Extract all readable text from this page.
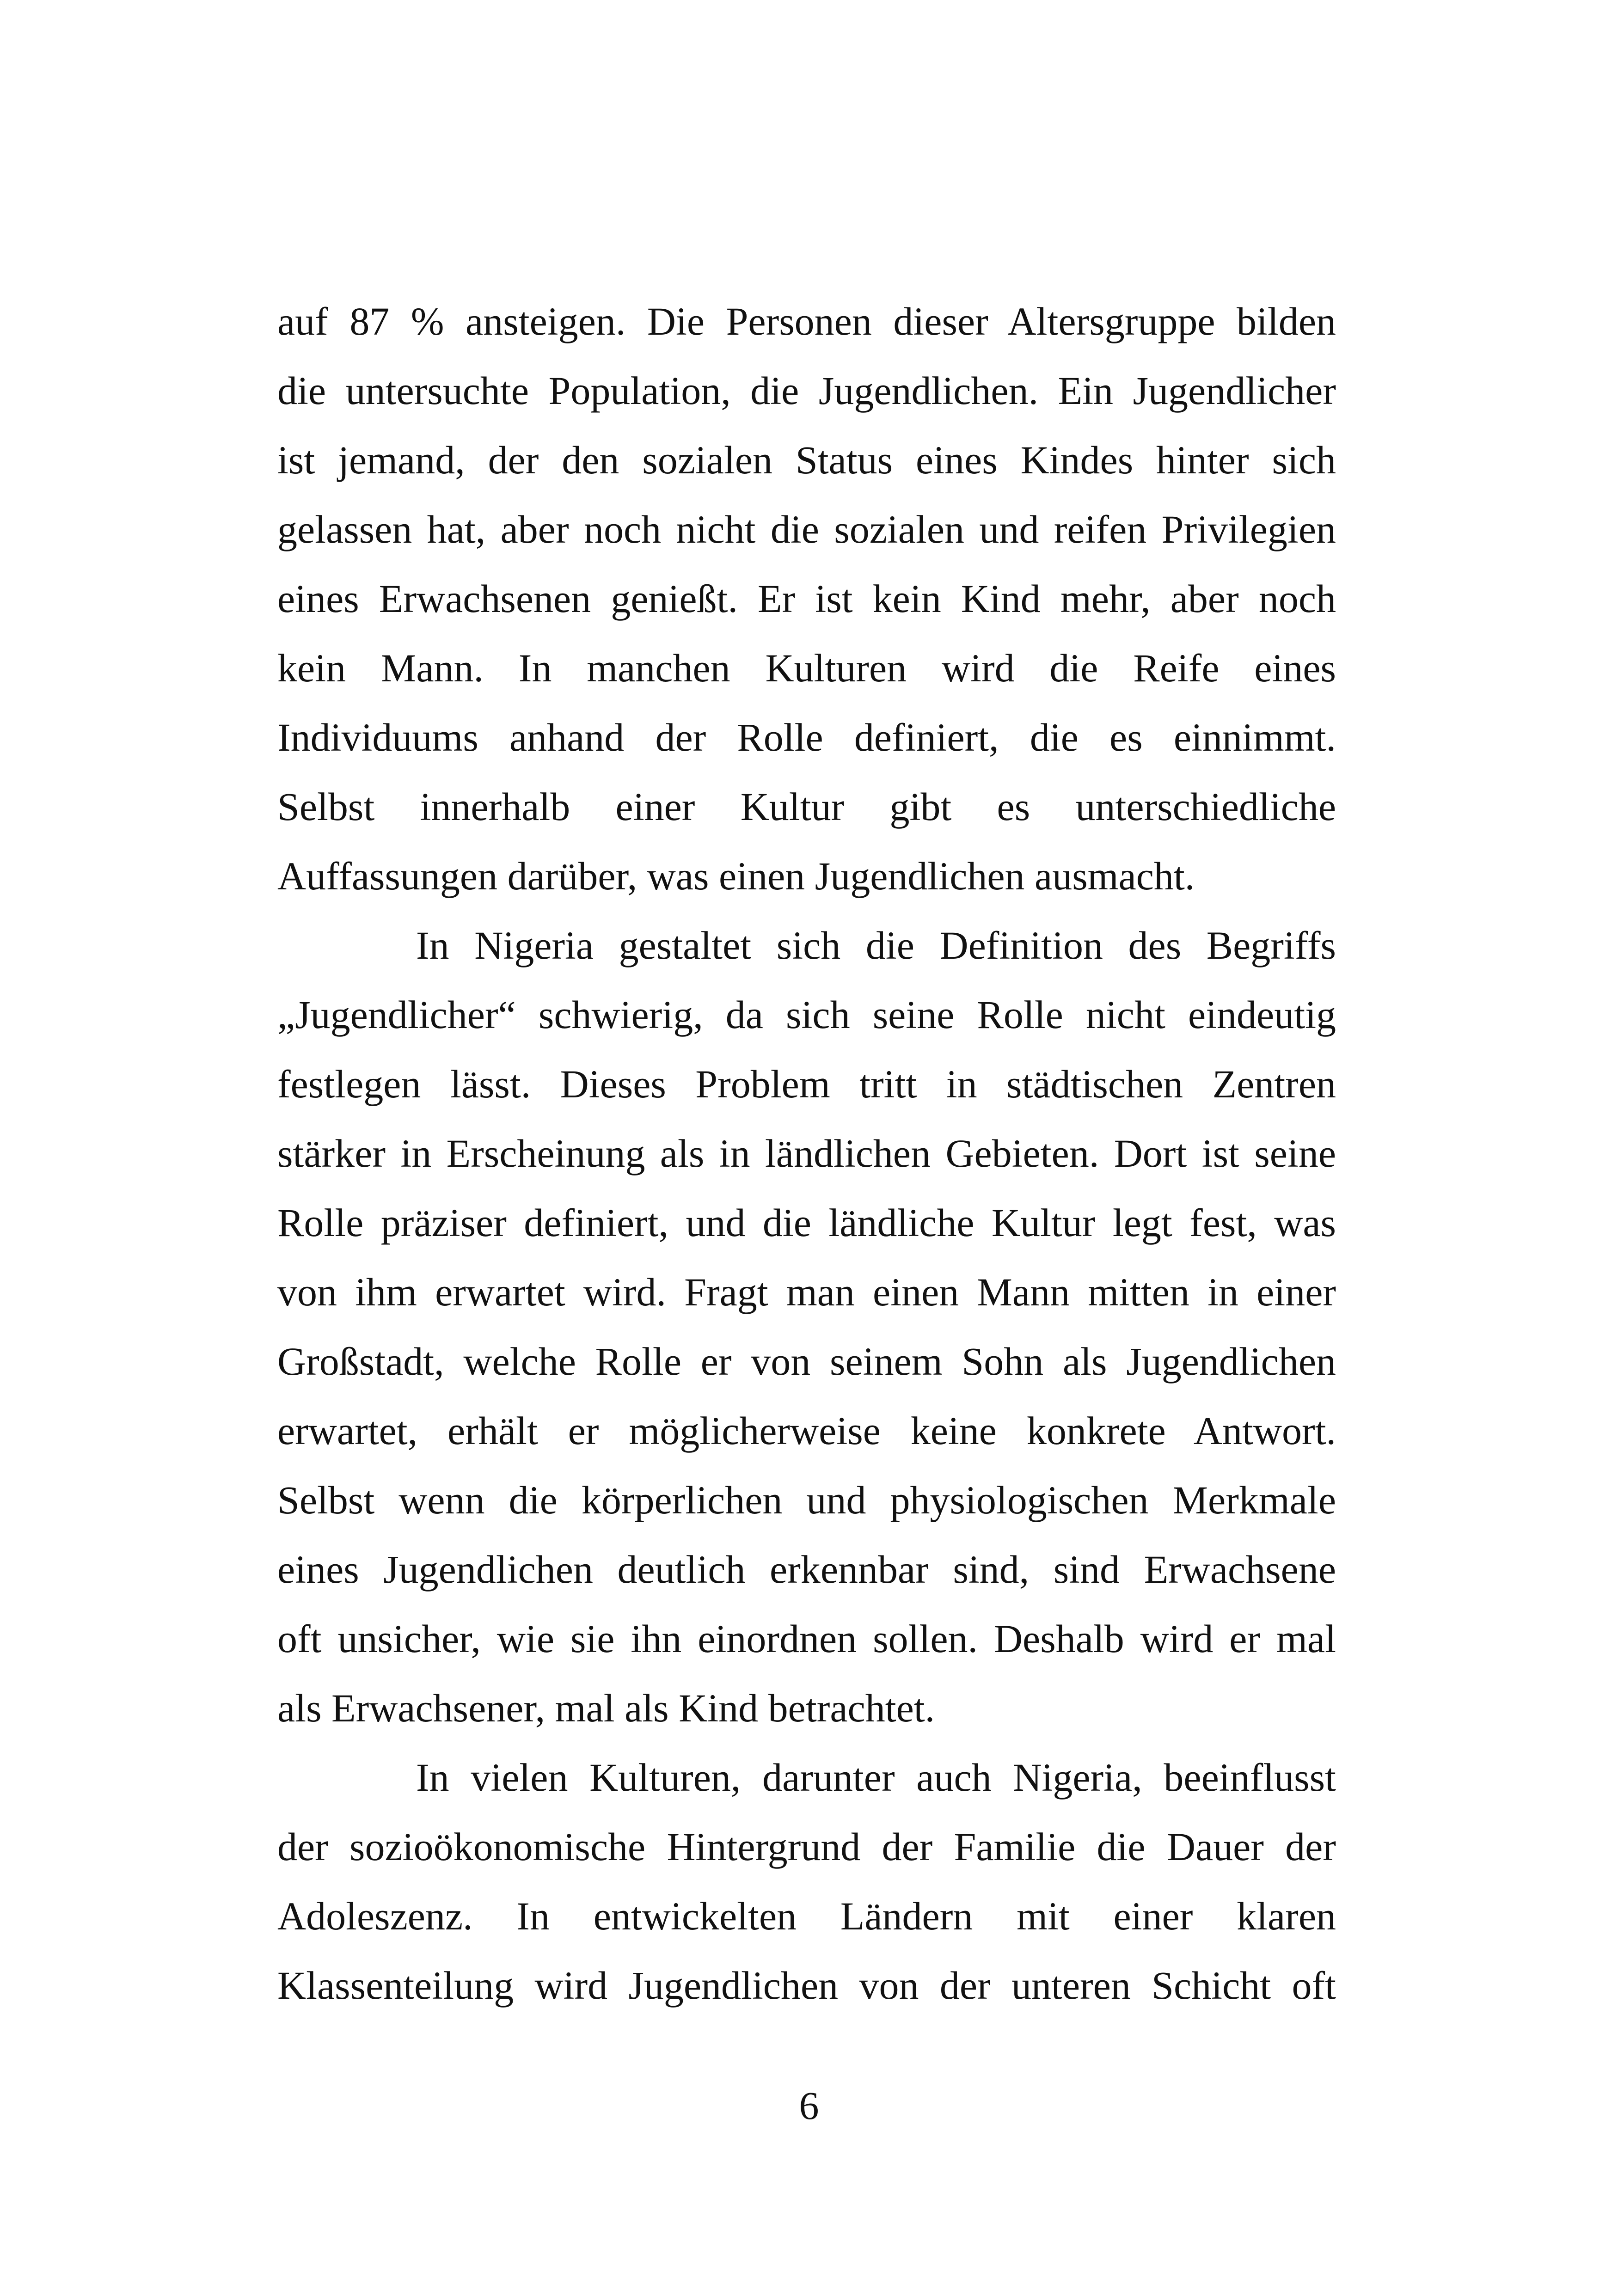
auf 87 % ansteigen. Die Personen dieser Altersgruppe bilden
die untersuchte Population, die Jugendlichen. Ein Jugendlicher
ist jemand, der den sozialen Status eines Kindes hinter sich
gelassen hat, aber noch nicht die sozialen und reifen Privilegien
eines Erwachsenen genießt. Er ist kein Kind mehr, aber noch
kein Mann. In manchen Kulturen wird die Reife eines
Individuums anhand der Rolle definiert, die es einnimmt.
Selbst innerhalb einer Kultur gibt es unterschiedliche
Auffassungen darüber, was einen Jugendlichen ausmacht.
In Nigeria gestaltet sich die Definition des Begriffs
„Jugendlicher“ schwierig, da sich seine Rolle nicht eindeutig
festlegen lässt. Dieses Problem tritt in städtischen Zentren
stärker in Erscheinung als in ländlichen Gebieten. Dort ist seine
Rolle präziser definiert, und die ländliche Kultur legt fest, was
von ihm erwartet wird. Fragt man einen Mann mitten in einer
Großstadt, welche Rolle er von seinem Sohn als Jugendlichen
erwartet, erhält er möglicherweise keine konkrete Antwort.
Selbst wenn die körperlichen und physiologischen Merkmale
eines Jugendlichen deutlich erkennbar sind, sind Erwachsene
oft unsicher, wie sie ihn einordnen sollen. Deshalb wird er mal
als Erwachsener, mal als Kind betrachtet.
In vielen Kulturen, darunter auch Nigeria, beeinflusst
der sozioökonomische Hintergrund der Familie die Dauer der
Adoleszenz. In entwickelten Ländern mit einer klaren
Klassenteilung wird Jugendlichen von der unteren Schicht oft
6
